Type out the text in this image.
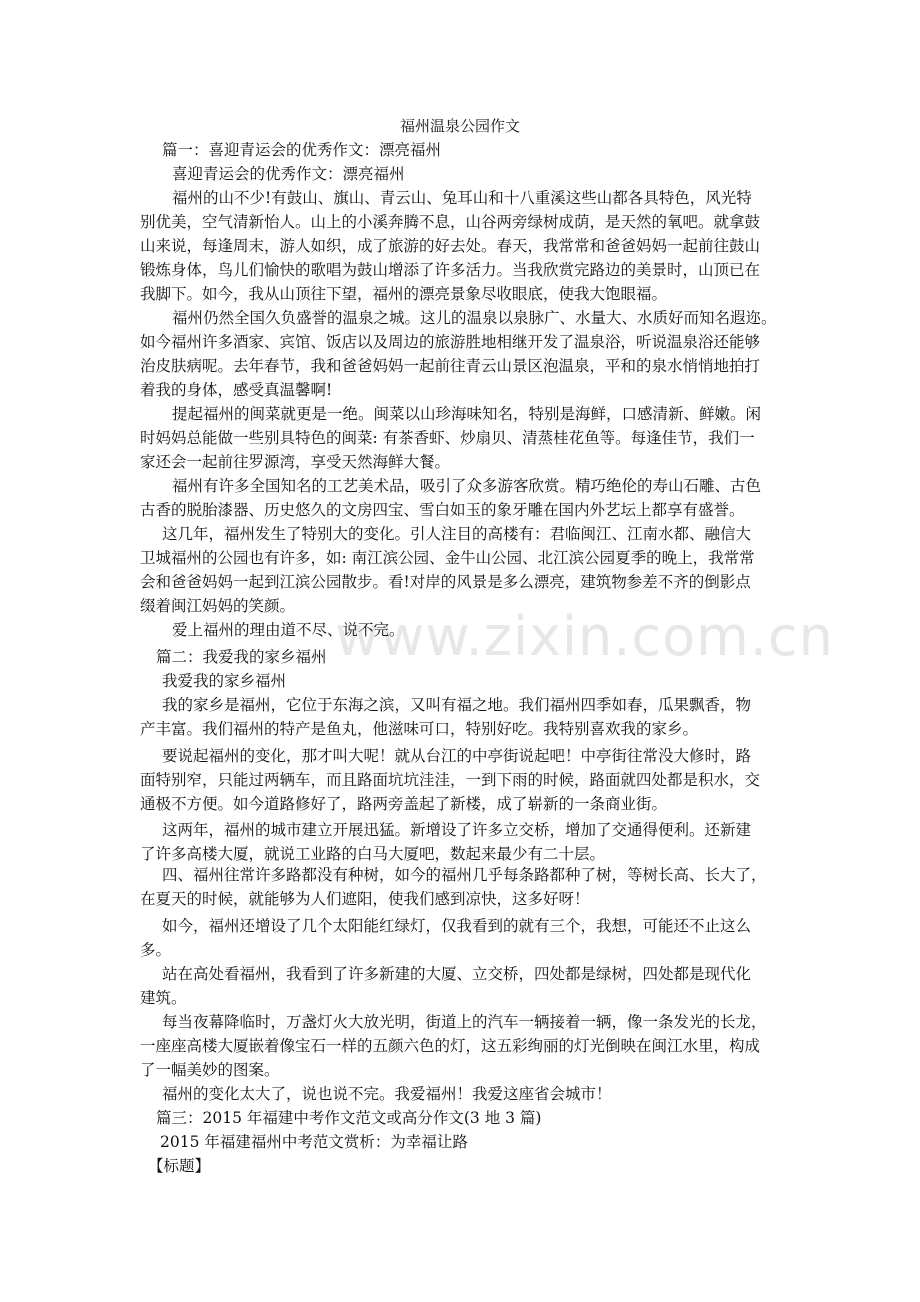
www.zixin.com.cn
福州温泉公园作文

篇一：喜迎青运会的优秀作文：漂亮福州

喜迎青运会的优秀作文：漂亮福州

福州的山不少!有鼓山、旗山、青云山、兔耳山和十八重溪这些山都各具特色，风光特

别优美，空气清新怡人。山上的小溪奔腾不息，山谷两旁绿树成荫，是天然的氧吧。就拿鼓

山来说，每逢周末，游人如织，成了旅游的好去处。春天，我常常和爸爸妈妈一起前往鼓山

锻炼身体，鸟儿们愉快的歌唱为鼓山增添了许多活力。当我欣赏完路边的美景时，山顶已在

我脚下。如今，我从山顶往下望，福州的漂亮景象尽收眼底，使我大饱眼福。

福州仍然全国久负盛誉的温泉之城。这儿的温泉以泉脉广、水量大、水质好而知名遐迩。

如今福州许多酒家、宾馆、饭店以及周边的旅游胜地相继开发了温泉浴，听说温泉浴还能够

治皮肤病呢。去年春节，我和爸爸妈妈一起前往青云山景区泡温泉，平和的泉水悄悄地拍打

着我的身体，感受真温馨啊!

提起福州的闽菜就更是一绝。闽菜以山珍海味知名，特别是海鲜，口感清新、鲜嫩。闲

时妈妈总能做一些别具特色的闽菜: 有茶香虾、炒扇贝、清蒸桂花鱼等。每逢佳节，我们一

家还会一起前往罗源湾，享受天然海鲜大餐。

福州有许多全国知名的工艺美术品，吸引了众多游客欣赏。精巧绝伦的寿山石雕、古色

古香的脱胎漆器、历史悠久的文房四宝、雪白如玉的象牙雕在国内外艺坛上都享有盛誉。

这几年，福州发生了特别大的变化。引人注目的高楼有：君临闽江、江南水都、融信大

卫城福州的公园也有许多，如: 南江滨公园、金牛山公园、北江滨公园夏季的晚上，我常常

会和爸爸妈妈一起到江滨公园散步。看!对岸的风景是多么漂亮，建筑物参差不齐的倒影点

缀着闽江妈妈的笑颜。

爱上福州的理由道不尽、说不完。

篇二：我爱我的家乡福州

我爱我的家乡福州

我的家乡是福州，它位于东海之滨，又叫有福之地。我们福州四季如春，瓜果飘香，物

产丰富。我们福州的特产是鱼丸，他滋味可口，特别好吃。我特别喜欢我的家乡。

要说起福州的变化，那才叫大呢！就从台江的中亭街说起吧！中亭街往常没大修时，路

面特别窄，只能过两辆车，而且路面坑坑洼洼，一到下雨的时候，路面就四处都是积水，交

通极不方便。如今道路修好了，路两旁盖起了新楼，成了崭新的一条商业街。

这两年，福州的城市建立开展迅猛。新增设了许多立交桥，增加了交通得便利。还新建

了许多高楼大厦，就说工业路的白马大厦吧，数起来最少有二十层。

四、福州往常许多路都没有种树，如今的福州几乎每条路都种了树，等树长高、长大了，

在夏天的时候，就能够为人们遮阳，使我们感到凉快，这多好呀！

如今，福州还增设了几个太阳能红绿灯，仅我看到的就有三个，我想，可能还不止这么

多。

站在高处看福州，我看到了许多新建的大厦、立交桥，四处都是绿树，四处都是现代化

建筑。

每当夜幕降临时，万盏灯火大放光明，街道上的汽车一辆接着一辆，像一条发光的长龙，

一座座高楼大厦嵌着像宝石一样的五颜六色的灯，这五彩绚丽的灯光倒映在闽江水里，构成

了一幅美妙的图案。

福州的变化太大了，说也说不完。我爱福州！我爱这座省会城市！

篇三：2015 年福建中考作文范文或高分作文(3 地 3 篇)

2015 年福建福州中考范文赏析：为幸福让路

【标题】
